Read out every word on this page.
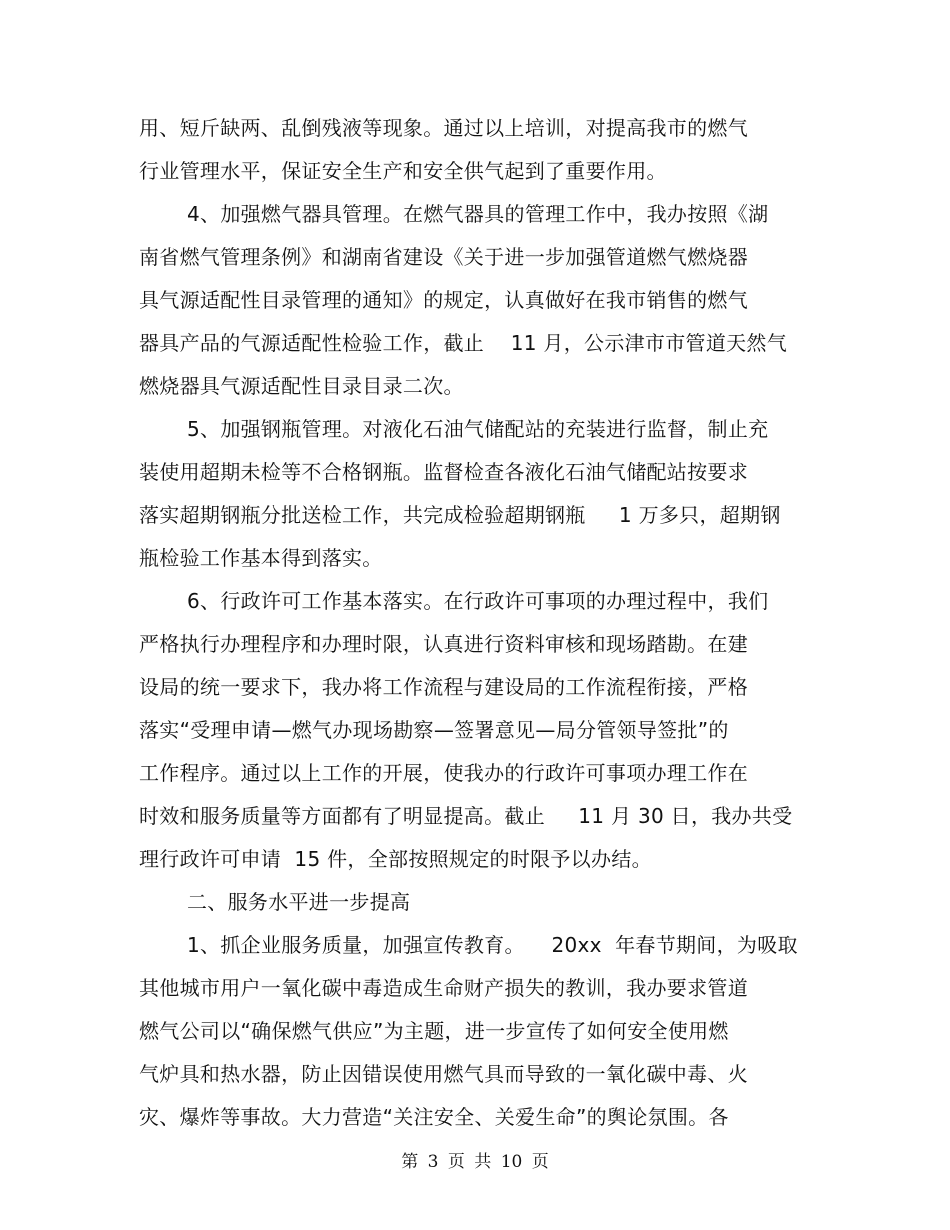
用、短斤缺两、乱倒残液等现象。通过以上培训，对提高我市的燃气

行业管理水平，保证安全生产和安全供气起到了重要作用。

4、加强燃气器具管理。在燃气器具的管理工作中，我办按照《湖

南省燃气管理条例》和湖南省建设《关于进一步加强管道燃气燃烧器

具气源适配性目录管理的通知》的规定，认真做好在我市销售的燃气

器具产品的气源适配性检验工作，截止    11 月，公示津市市管道天然气

燃烧器具气源适配性目录目录二次。

5、加强钢瓶管理。对液化石油气储配站的充装进行监督，制止充

装使用超期未检等不合格钢瓶。监督检查各液化石油气储配站按要求

落实超期钢瓶分批送检工作，共完成检验超期钢瓶     1 万多只，超期钢

瓶检验工作基本得到落实。

6、行政许可工作基本落实。在行政许可事项的办理过程中，我们

严格执行办理程序和办理时限，认真进行资料审核和现场踏勘。在建

设局的统一要求下，我办将工作流程与建设局的工作流程衔接，严格

落实“受理申请—燃气办现场勘察—签署意见—局分管领导签批”的

工作程序。通过以上工作的开展，使我办的行政许可事项办理工作在

时效和服务质量等方面都有了明显提高。截止     11 月 30 日，我办共受

理行政许可申请  15 件，全部按照规定的时限予以办结。

二、服务水平进一步提高

1、抓企业服务质量，加强宣传教育。    20xx  年春节期间，为吸取

其他城市用户一氧化碳中毒造成生命财产损失的教训，我办要求管道

燃气公司以“确保燃气供应”为主题，进一步宣传了如何安全使用燃

气炉具和热水器，防止因错误使用燃气具而导致的一氧化碳中毒、火

灾、爆炸等事故。大力营造“关注安全、关爱生命”的舆论氛围。各

第 3 页 共 10 页
